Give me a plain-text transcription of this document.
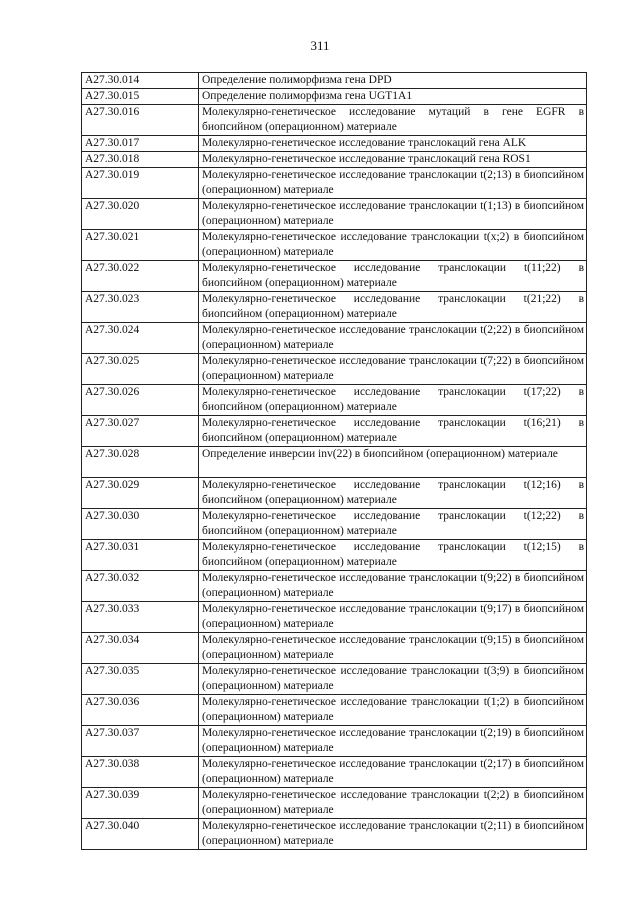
311
A27.30.014	Определение полиморфизма гена DPD
A27.30.015	Определение полиморфизма гена UGT1A1
A27.30.016	Молекулярно-генетическое исследование мутаций в гене EGFR в биопсийном (операционном) материале
A27.30.017	Молекулярно-генетическое исследование транслокаций гена ALK
A27.30.018	Молекулярно-генетическое исследование транслокаций гена ROS1
A27.30.019	Молекулярно-генетическое исследование транслокации t(2;13) в биопсийном (операционном) материале
A27.30.020	Молекулярно-генетическое исследование транслокации t(1;13) в биопсийном (операционном) материале
A27.30.021	Молекулярно-генетическое исследование транслокации t(x;2) в биопсийном (операционном) материале
A27.30.022	Молекулярно-генетическое исследование транслокации t(11;22) в биопсийном (операционном) материале
A27.30.023	Молекулярно-генетическое исследование транслокации t(21;22) в биопсийном (операционном) материале
A27.30.024	Молекулярно-генетическое исследование транслокации t(2;22) в биопсийном (операционном) материале
A27.30.025	Молекулярно-генетическое исследование транслокации t(7;22) в биопсийном (операционном) материале
A27.30.026	Молекулярно-генетическое исследование транслокации t(17;22) в биопсийном (операционном) материале
A27.30.027	Молекулярно-генетическое исследование транслокации t(16;21) в биопсийном (операционном) материале
A27.30.028	Определение инверсии inv(22) в биопсийном (операционном) материале
A27.30.029	Молекулярно-генетическое исследование транслокации t(12;16) в биопсийном (операционном) материале
A27.30.030	Молекулярно-генетическое исследование транслокации t(12;22) в биопсийном (операционном) материале
A27.30.031	Молекулярно-генетическое исследование транслокации t(12;15) в биопсийном (операционном) материале
A27.30.032	Молекулярно-генетическое исследование транслокации t(9;22) в биопсийном (операционном) материале
A27.30.033	Молекулярно-генетическое исследование транслокации t(9;17) в биопсийном (операционном) материале
A27.30.034	Молекулярно-генетическое исследование транслокации t(9;15) в биопсийном (операционном) материале
A27.30.035	Молекулярно-генетическое исследование транслокации t(3;9) в биопсийном (операционном) материале
A27.30.036	Молекулярно-генетическое исследование транслокации t(1;2) в биопсийном (операционном) материале
A27.30.037	Молекулярно-генетическое исследование транслокации t(2;19) в биопсийном (операционном) материале
A27.30.038	Молекулярно-генетическое исследование транслокации t(2;17) в биопсийном (операционном) материале
A27.30.039	Молекулярно-генетическое исследование транслокации t(2;2) в биопсийном (операционном) материале
A27.30.040	Молекулярно-генетическое исследование транслокации t(2;11) в биопсийном (операционном) материале
